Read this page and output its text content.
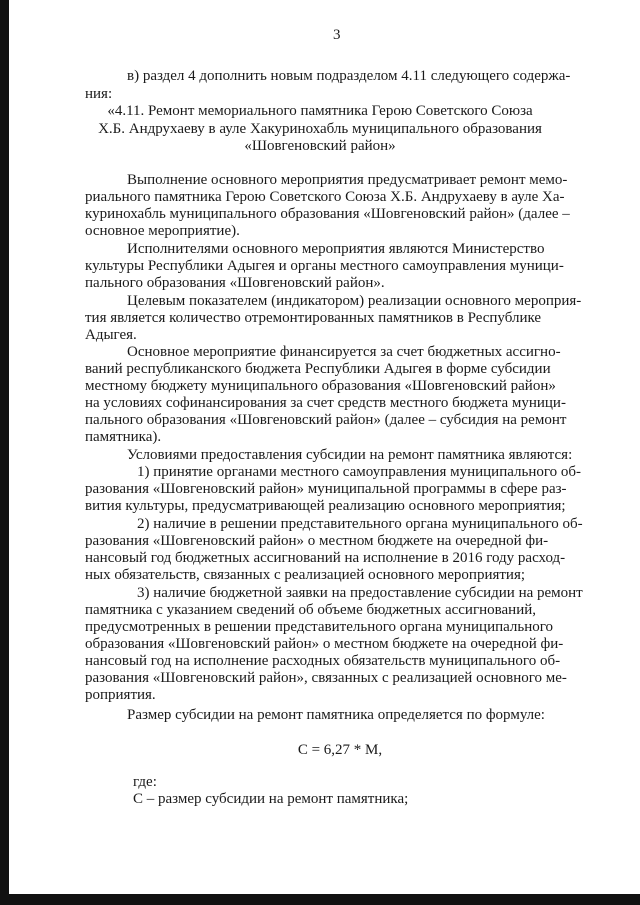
3
в) раздел 4 дополнить новым подразделом 4.11 следующего содержа-
ния:
«4.11. Ремонт мемориального памятника Герою Советского Союза
Х.Б. Андрухаеву в ауле Хакуринохабль муниципального образования
«Шовгеновский район»
Выполнение основного мероприятия предусматривает ремонт мемо-
риального памятника Герою Советского Союза Х.Б. Андрухаеву в ауле Ха-
куринохабль муниципального образования «Шовгеновский район» (далее –
основное мероприятие).
Исполнителями основного мероприятия являются Министерство
культуры Республики Адыгея и органы местного самоуправления муници-
пального образования «Шовгеновский район».
Целевым показателем (индикатором) реализации основного мероприя-
тия является количество отремонтированных памятников в Республике
Адыгея.
Основное мероприятие финансируется за счет бюджетных ассигно-
ваний республиканского бюджета Республики Адыгея в форме субсидии
местному бюджету муниципального образования «Шовгеновский район»
на условиях софинансирования за счет средств местного бюджета муници-
пального образования «Шовгеновский район» (далее – субсидия на ремонт
памятника).
Условиями предоставления субсидии на ремонт памятника являются:
1) принятие органами местного самоуправления муниципального об-
разования «Шовгеновский район» муниципальной программы в сфере раз-
вития культуры, предусматривающей реализацию основного мероприятия;
2) наличие в решении представительного органа муниципального об-
разования «Шовгеновский район» о местном бюджете на очередной фи-
нансовый год бюджетных ассигнований на исполнение в 2016 году расход-
ных обязательств, связанных с реализацией основного мероприятия;
3) наличие бюджетной заявки на предоставление субсидии на ремонт
памятника с указанием сведений об объеме бюджетных ассигнований,
предусмотренных в решении представительного органа муниципального
образования «Шовгеновский район» о местном бюджете на очередной фи-
нансовый год на исполнение расходных обязательств муниципального об-
разования «Шовгеновский район», связанных с реализацией основного ме-
роприятия.
Размер субсидии на ремонт памятника определяется по формуле:
С = 6,27 * М,
где:
С – размер субсидии на ремонт памятника;
